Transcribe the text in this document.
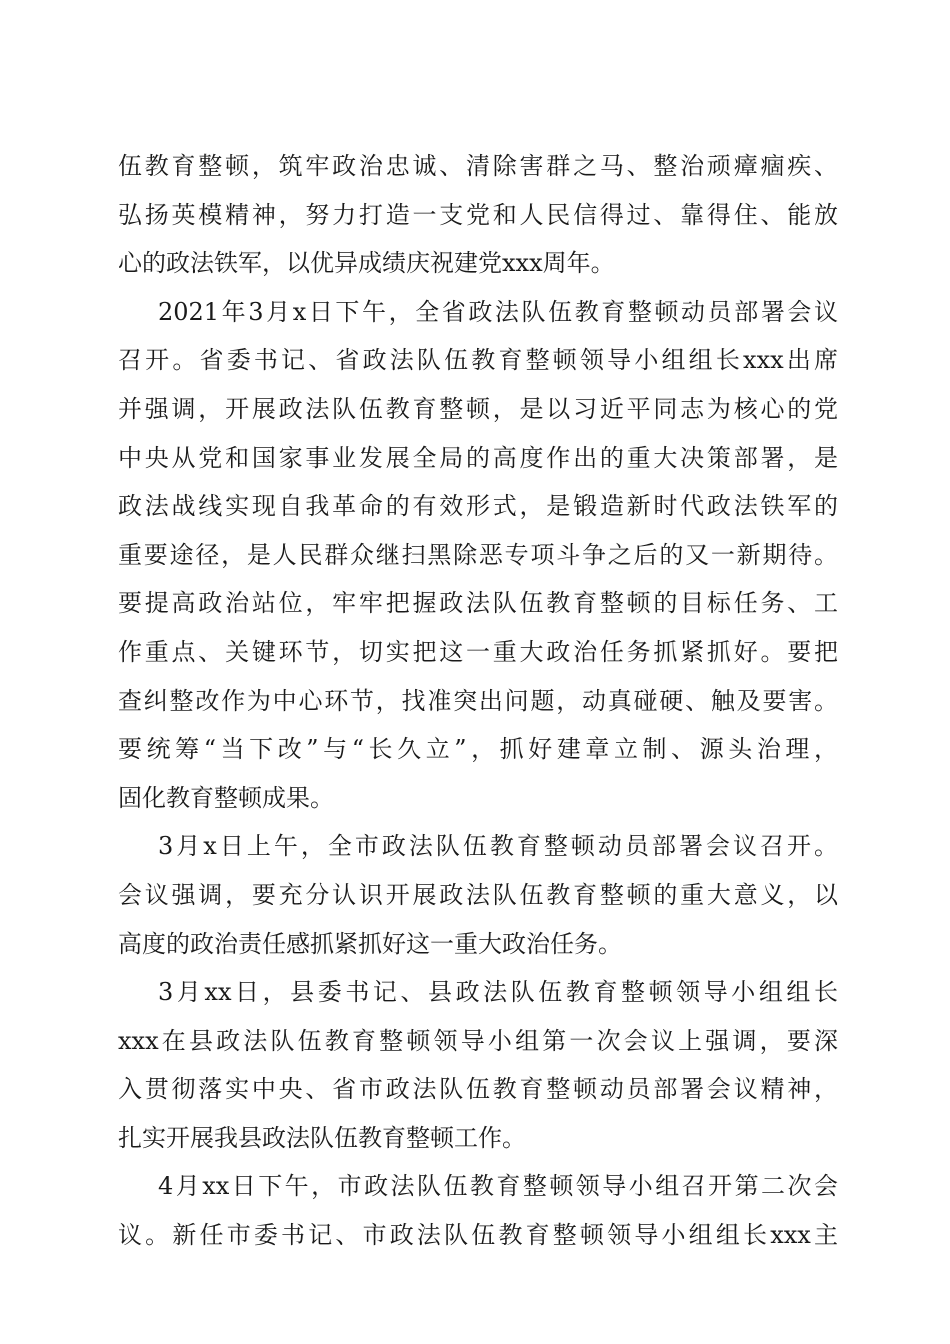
伍教育整顿，筑牢政治忠诚、清除害群之马、整治顽瘴痼疾、
弘扬英模精神，努力打造一支党和人民信得过、靠得住、能放
心的政法铁军，以优异成绩庆祝建党xxx周年。
2021年3月x日下午，全省政法队伍教育整顿动员部署会议
召开。省委书记、省政法队伍教育整顿领导小组组长xxx出席
并强调，开展政法队伍教育整顿，是以习近平同志为核心的党
中央从党和国家事业发展全局的高度作出的重大决策部署，是
政法战线实现自我革命的有效形式，是锻造新时代政法铁军的
重要途径，是人民群众继扫黑除恶专项斗争之后的又一新期待。
要提高政治站位，牢牢把握政法队伍教育整顿的目标任务、工
作重点、关键环节，切实把这一重大政治任务抓紧抓好。要把
查纠整改作为中心环节，找准突出问题，动真碰硬、触及要害。
要统筹“当下改”与“长久立”，抓好建章立制、源头治理，
固化教育整顿成果。
3月x日上午，全市政法队伍教育整顿动员部署会议召开。
会议强调，要充分认识开展政法队伍教育整顿的重大意义，以
高度的政治责任感抓紧抓好这一重大政治任务。
3月xx日，县委书记、县政法队伍教育整顿领导小组组长
xxx在县政法队伍教育整顿领导小组第一次会议上强调，要深
入贯彻落实中央、省市政法队伍教育整顿动员部署会议精神，
扎实开展我县政法队伍教育整顿工作。
4月xx日下午，市政法队伍教育整顿领导小组召开第二次会
议。新任市委书记、市政法队伍教育整顿领导小组组长xxx主
